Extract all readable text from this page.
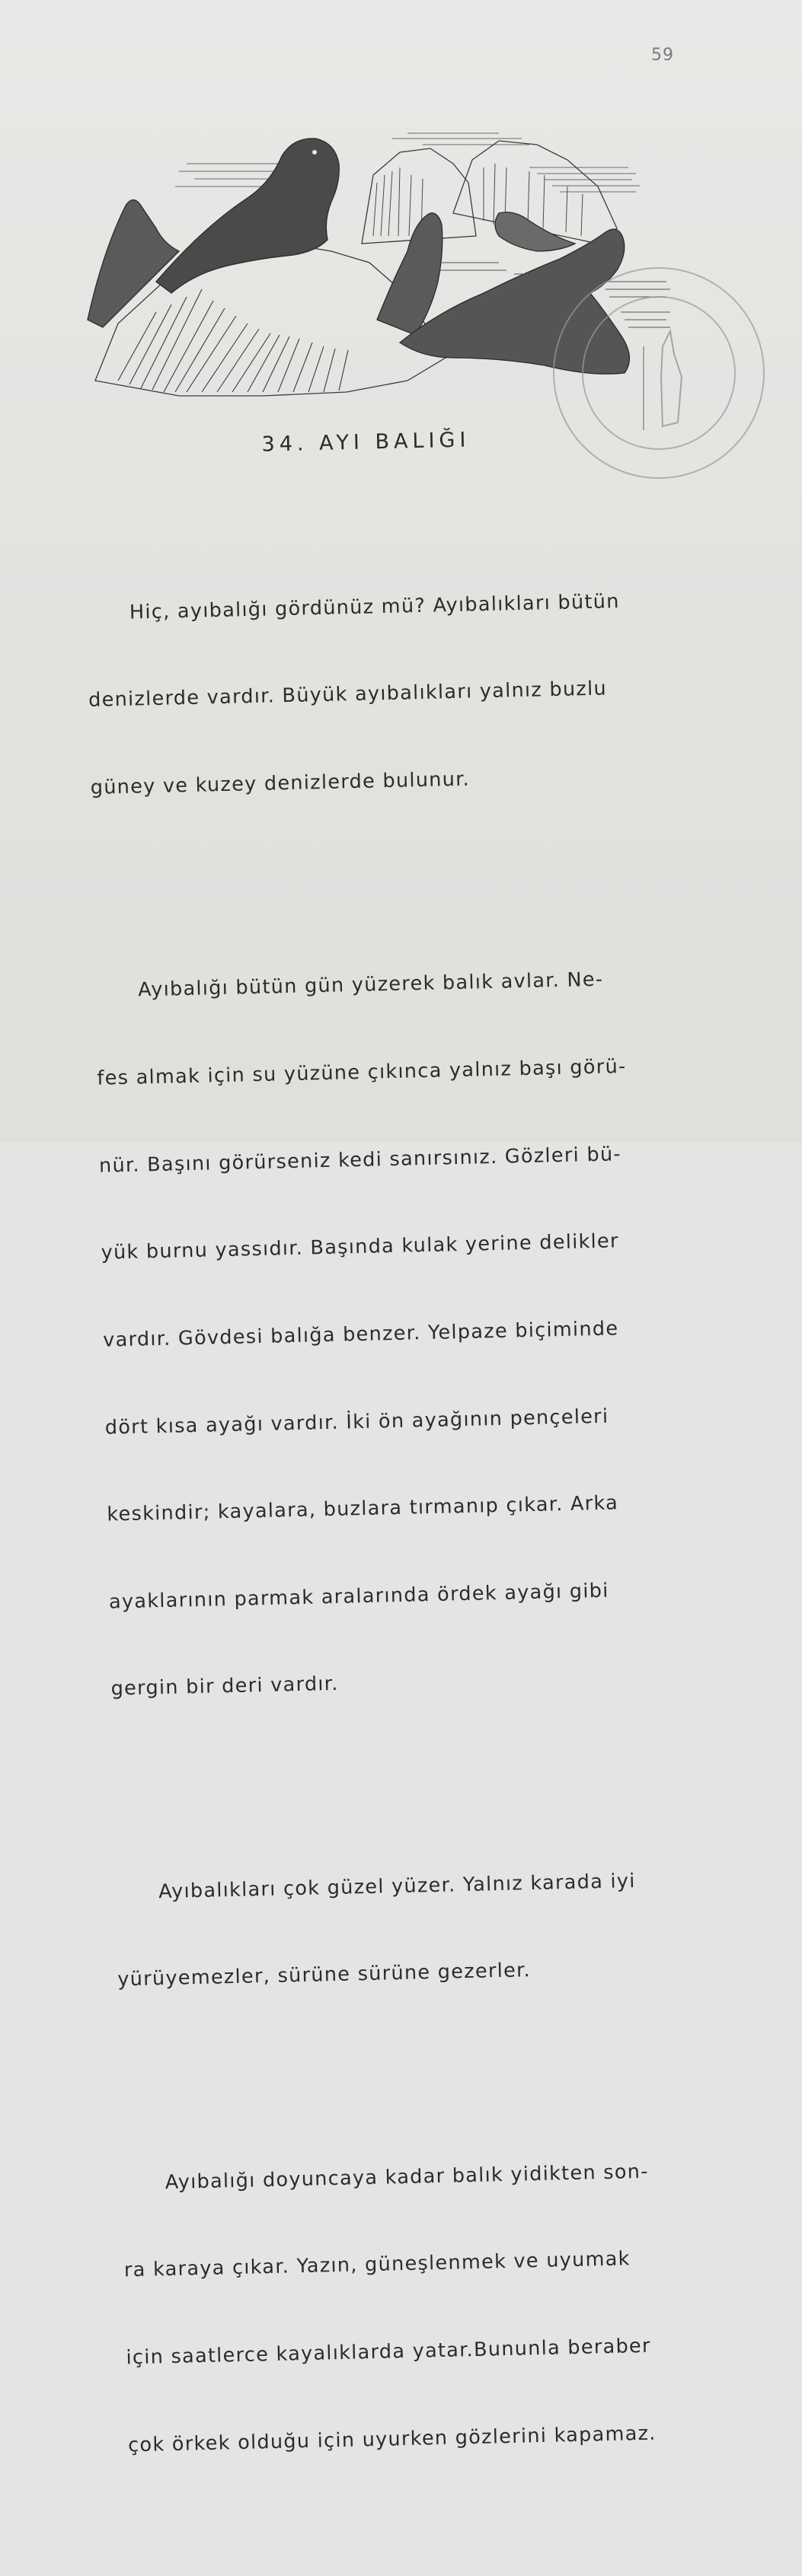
59
34. AYI BALIĞI

Hiç, ayıbalığı gördünüz mü? Ayıbalıkları bütün

denizlerde vardır. Büyük ayıbalıkları yalnız buzlu

güney ve kuzey denizlerde bulunur.

Ayıbalığı bütün gün yüzerek balık avlar. Ne-

fes almak için su yüzüne çıkınca yalnız başı görü-

nür. Başını görürseniz kedi sanırsınız. Gözleri bü-

yük burnu yassıdır. Başında kulak yerine delikler

vardır. Gövdesi balığa benzer. Yelpaze biçiminde

dört kısa ayağı vardır. İki ön ayağının pençeleri

keskindir; kayalara, buzlara tırmanıp çıkar. Arka

ayaklarının parmak aralarında ördek ayağı gibi

gergin bir deri vardır.

Ayıbalıkları çok güzel yüzer. Yalnız karada iyi

yürüyemezler, sürüne sürüne gezerler.

Ayıbalığı doyuncaya kadar balık yidikten son-

ra karaya çıkar. Yazın, güneşlenmek ve uyumak

için saatlerce kayalıklarda yatar.Bununla beraber

çok örkek olduğu için uyurken gözlerini kapamaz.
